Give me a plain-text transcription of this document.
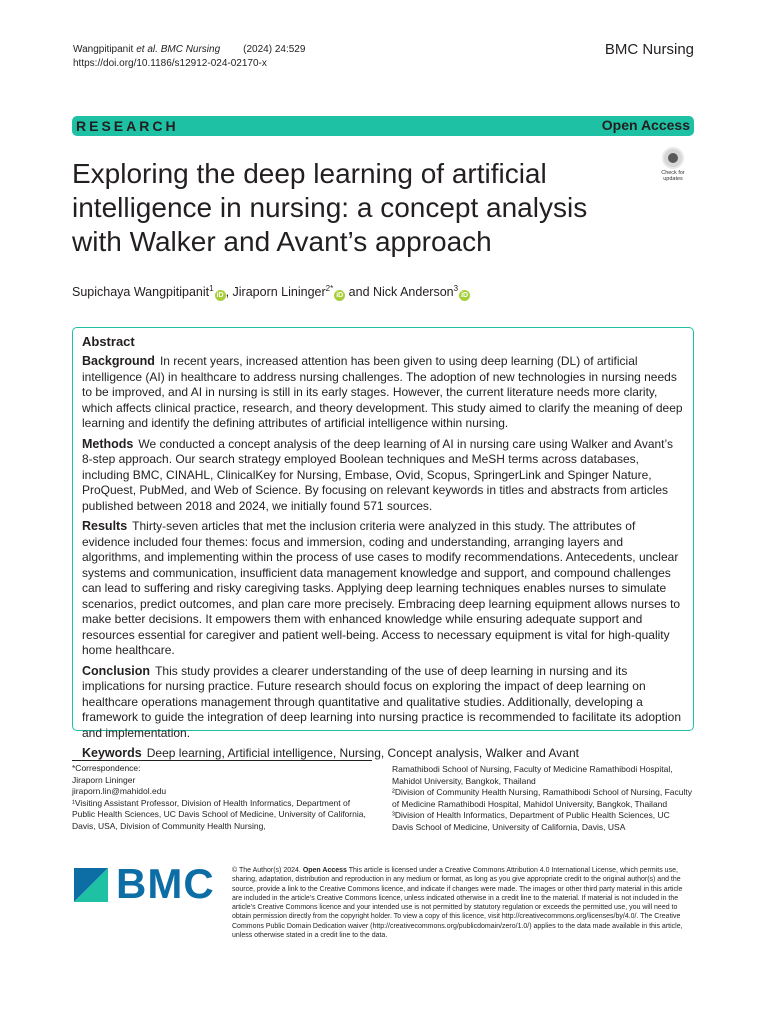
Wangpitipanit et al. BMC Nursing (2024) 24:529
https://doi.org/10.1186/s12912-024-02170-x
BMC Nursing
RESEARCH	Open Access
Exploring the deep learning of artificial intelligence in nursing: a concept analysis with Walker and Avant’s approach
Check for
updates
Supichaya Wangpitipanit$^1$iD , Jiraporn Lininger$^{2*}$iD and Nick Anderson$^3$iD
Abstract

Background In recent years, increased attention has been given to using deep learning (DL) of artificial intelligence (AI) in healthcare to address nursing challenges. The adoption of new technologies in nursing needs to be improved, and AI in nursing is still in its early stages. However, the current literature needs more clarity, which affects clinical practice, research, and theory development. This study aimed to clarify the meaning of deep learning and identify the defining attributes of artificial intelligence within nursing.

Methods We conducted a concept analysis of the deep learning of AI in nursing care using Walker and Avant’s 8-step approach. Our search strategy employed Boolean techniques and MeSH terms across databases, including BMC, CINAHL, ClinicalKey for Nursing, Embase, Ovid, Scopus, SpringerLink and Spinger Nature, ProQuest, PubMed, and Web of Science. By focusing on relevant keywords in titles and abstracts from articles published between 2018 and 2024, we initially found 571 sources.

Results Thirty-seven articles that met the inclusion criteria were analyzed in this study. The attributes of evidence included four themes: focus and immersion, coding and understanding, arranging layers and algorithms, and implementing within the process of use cases to modify recommendations. Antecedents, unclear systems and communication, insufficient data management knowledge and support, and compound challenges can lead to suffering and risky caregiving tasks. Applying deep learning techniques enables nurses to simulate scenarios, predict outcomes, and plan care more precisely. Embracing deep learning equipment allows nurses to make better decisions. It empowers them with enhanced knowledge while ensuring adequate support and resources essential for caregiver and patient well-being. Access to necessary equipment is vital for high-quality home healthcare.

Conclusion This study provides a clearer understanding of the use of deep learning in nursing and its implications for nursing practice. Future research should focus on exploring the impact of deep learning on healthcare operations management through quantitative and qualitative studies. Additionally, developing a framework to guide the integration of deep learning into nursing practice is recommended to facilitate its adoption and implementation.

Keywords Deep learning, Artificial intelligence, Nursing, Concept analysis, Walker and Avant

*Correspondence:
Jiraporn Lininger
jiraporn.lin@mahidol.edu
¹Visiting Assistant Professor, Division of Health Informatics, Department of Public Health Sciences, UC Davis School of Medicine, University of California, Davis, USA, Division of Community Health Nursing,
Ramathibodi School of Nursing, Faculty of Medicine Ramathibodi Hospital, Mahidol University, Bangkok, Thailand
²Division of Community Health Nursing, Ramathibodi School of Nursing, Faculty of Medicine Ramathibodi Hospital, Mahidol University, Bangkok, Thailand
³Division of Health Informatics, Department of Public Health Sciences, UC Davis School of Medicine, University of California, Davis, USA
BMC © The Author(s) 2024. Open Access This article is licensed under a Creative Commons Attribution 4.0 International License, which permits use, sharing, adaptation, distribution and reproduction in any medium or format, as long as you give appropriate credit to the original author(s) and the source, provide a link to the Creative Commons licence, and indicate if changes were made. The images or other third party material in this article are included in the article’s Creative Commons licence, unless indicated otherwise in a credit line to the material. If material is not included in the article’s Creative Commons licence and your intended use is not permitted by statutory regulation or exceeds the permitted use, you will need to obtain permission directly from the copyright holder. To view a copy of this licence, visit http://creativecommons.org/licenses/by/4.0/. The Creative Commons Public Domain Dedication waiver (http://creativecommons.org/publicdomain/zero/1.0/) applies to the data made available in this article, unless otherwise stated in a credit line to the data.
